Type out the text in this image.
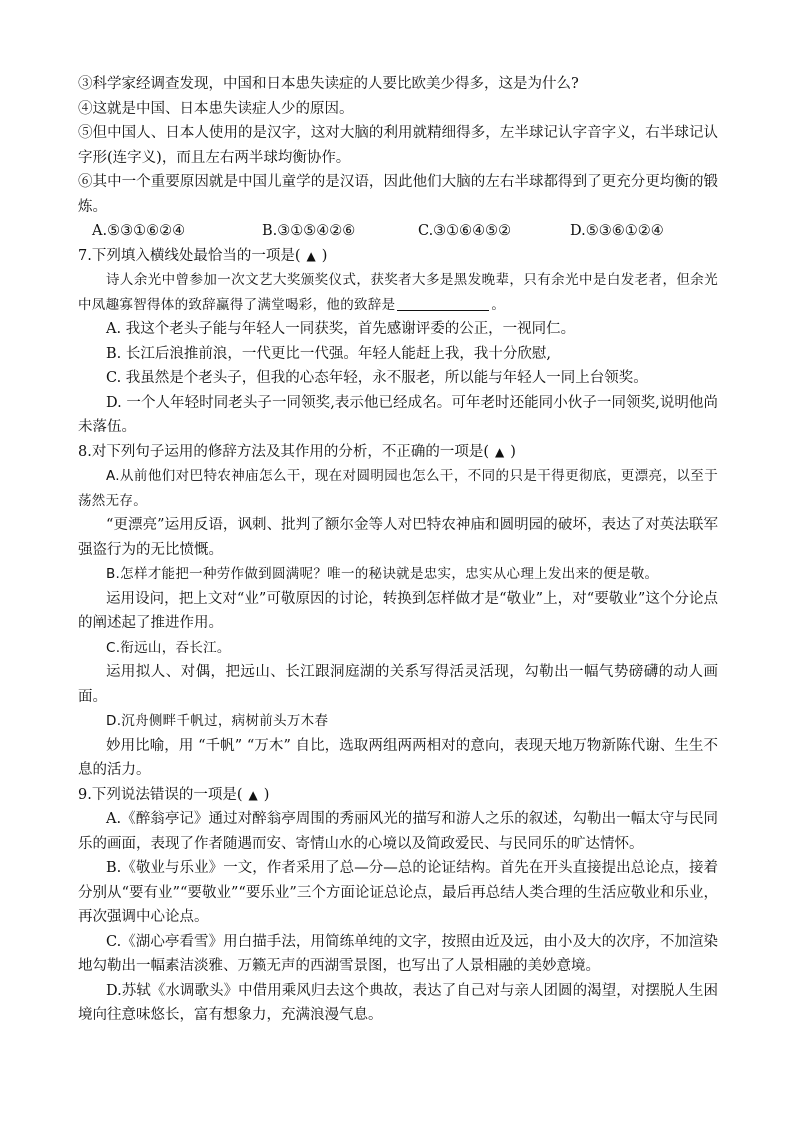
③科学家经调查发现，中国和日本患失读症的人要比欧美少得多，这是为什么?

④这就是中国、日本患失读症人少的原因。

⑤但中国人、日本人使用的是汉字，这对大脑的利用就精细得多，左半球记认字音字义，右半球记认字形(连字义)，而且左右两半球均衡协作。

⑥其中一个重要原因就是中国儿童学的是汉语，因此他们大脑的左右半球都得到了更充分更均衡的锻炼。

A.⑤③①⑥②④	B.③①⑤④②⑥	C.③①⑥④⑤②	D.⑤③⑥①②④

7.下列填入横线处最恰当的一项是( ▲ )

诗人余光中曾参加一次文艺大奖颁奖仪式，获奖者大多是黑发晚辈，只有余光中是白发老者，但余光中凤趣寡智得体的致辞赢得了满堂喝彩，他的致辞是	。

A. 我这个老头子能与年轻人一同获奖，首先感谢评委的公正，一视同仁。

B. 长江后浪推前浪，一代更比一代强。年轻人能赶上我，我十分欣慰,

C. 我虽然是个老头子，但我的心态年轻，永不服老，所以能与年轻人一同上台领奖。

D. 一个人年轻时同老头子一同领奖,表示他已经成名。可年老时还能同小伙子一同领奖,说明他尚未落伍。

8.对下列句子运用的修辞方法及其作用的分析，不正确的一项是( ▲ )

A.从前他们对巴特农神庙怎么干，现在对圆明园也怎么干，不同的只是干得更彻底，更漂亮，以至于荡然无存。

“更漂亮”运用反语，讽刺、批判了额尔金等人对巴特农神庙和圆明园的破坏，表达了对英法联军强盗行为的无比愤慨。

B.怎样才能把一种劳作做到圆满呢？唯一的秘诀就是忠实，忠实从心理上发出来的便是敬。

运用设问，把上文对“业”可敬原因的讨论，转换到怎样做才是“敬业”上，对“要敬业”这个分论点的阐述起了推进作用。

C.衔远山，吞长江。

运用拟人、对偶，把远山、长江跟洞庭湖的关系写得活灵活现，勾勒出一幅气势磅礴的动人画面。

D.沉舟侧畔千帆过，病树前头万木春

妙用比喻，用 “千帆” “万木” 自比，选取两组两两相对的意向，表现天地万物新陈代谢、生生不息的活力。

9.下列说法错误的一项是( ▲ )

A.《醉翁亭记》通过对醉翁亭周围的秀丽风光的描写和游人之乐的叙述，勾勒出一幅太守与民同乐的画面，表现了作者随遇而安、寄情山水的心境以及简政爱民、与民同乐的旷达情怀。

B.《敬业与乐业》一文，作者采用了总—分—总的论证结构。首先在开头直接提出总论点，接着分别从“要有业”“要敬业”“要乐业”三个方面论证总论点，最后再总结人类合理的生活应敬业和乐业，再次强调中心论点。

C.《湖心亭看雪》用白描手法，用简练单纯的文字，按照由近及远，由小及大的次序，不加渲染地勾勒出一幅素洁淡雅、万籁无声的西湖雪景图，也写出了人景相融的美妙意境。

D.苏轼《水调歌头》中借用乘风归去这个典故，表达了自己对与亲人团圆的渴望，对摆脱人生困境向往意味悠长，富有想象力，充满浪漫气息。
